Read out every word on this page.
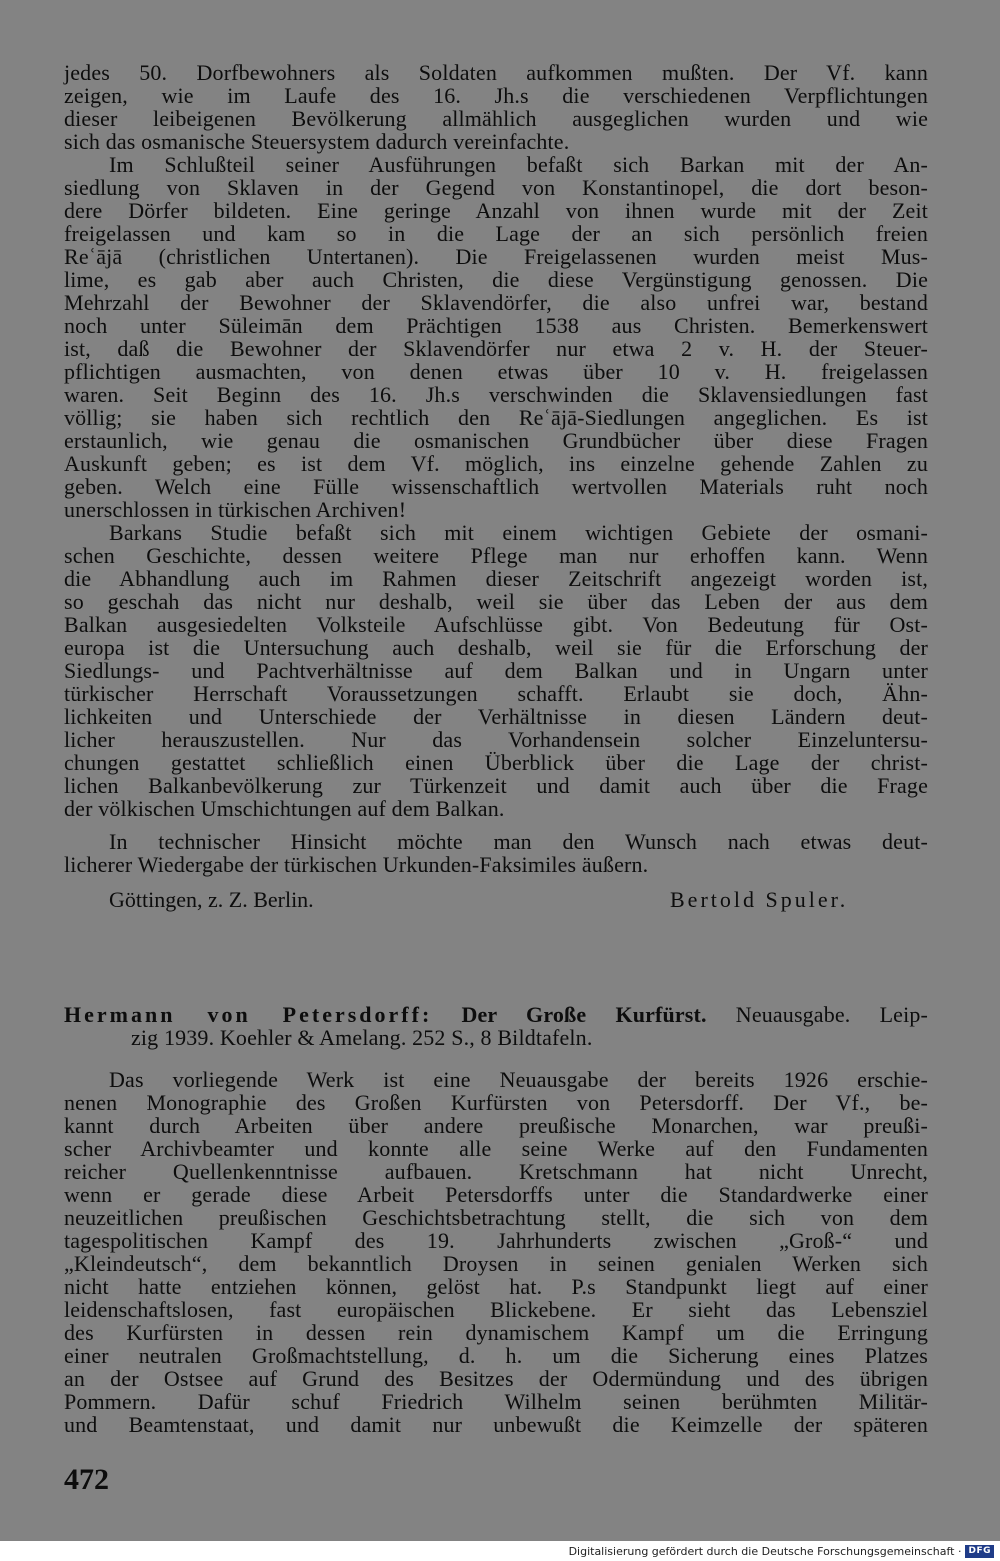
jedes 50. Dorfbewohners als Soldaten aufkommen mußten. Der Vf. kann
zeigen, wie im Laufe des 16. Jh.s die verschiedenen Verpflichtungen
dieser leibeigenen Bevölkerung allmählich ausgeglichen wurden und wie
sich das osmanische Steuersystem dadurch vereinfachte.
Im Schlußteil seiner Ausführungen befaßt sich Barkan mit der An-
siedlung von Sklaven in der Gegend von Konstantinopel, die dort beson-
dere Dörfer bildeten. Eine geringe Anzahl von ihnen wurde mit der Zeit
freigelassen und kam so in die Lage der an sich persönlich freien
Reʿājā (christlichen Untertanen). Die Freigelassenen wurden meist Mus-
lime, es gab aber auch Christen, die diese Vergünstigung genossen. Die
Mehrzahl der Bewohner der Sklavendörfer, die also unfrei war, bestand
noch unter Süleimān dem Prächtigen 1538 aus Christen. Bemerkenswert
ist, daß die Bewohner der Sklavendörfer nur etwa 2 v. H. der Steuer-
pflichtigen ausmachten, von denen etwas über 10 v. H. freigelassen
waren. Seit Beginn des 16. Jh.s verschwinden die Sklavensiedlungen fast
völlig; sie haben sich rechtlich den Reʿājā-Siedlungen angeglichen. Es ist
erstaunlich, wie genau die osmanischen Grundbücher über diese Fragen
Auskunft geben; es ist dem Vf. möglich, ins einzelne gehende Zahlen zu
geben. Welch eine Fülle wissenschaftlich wertvollen Materials ruht noch
unerschlossen in türkischen Archiven!
Barkans Studie befaßt sich mit einem wichtigen Gebiete der osmani-
schen Geschichte, dessen weitere Pflege man nur erhoffen kann. Wenn
die Abhandlung auch im Rahmen dieser Zeitschrift angezeigt worden ist,
so geschah das nicht nur deshalb, weil sie über das Leben der aus dem
Balkan ausgesiedelten Volksteile Aufschlüsse gibt. Von Bedeutung für Ost-
europa ist die Untersuchung auch deshalb, weil sie für die Erforschung der
Siedlungs- und Pachtverhältnisse auf dem Balkan und in Ungarn unter
türkischer Herrschaft Voraussetzungen schafft. Erlaubt sie doch, Ähn-
lichkeiten und Unterschiede der Verhältnisse in diesen Ländern deut-
licher herauszustellen. Nur das Vorhandensein solcher Einzeluntersu-
chungen gestattet schließlich einen Überblick über die Lage der christ-
lichen Balkanbevölkerung zur Türkenzeit und damit auch über die Frage
der völkischen Umschichtungen auf dem Balkan.
In technischer Hinsicht möchte man den Wunsch nach etwas deut-
licherer Wiedergabe der türkischen Urkunden-Faksimiles äußern.
Göttingen, z. Z. Berlin.	Bertold Spuler.
Hermann von Petersdorff: Der Große Kurfürst. Neuausgabe. Leip-
zig 1939. Koehler & Amelang. 252 S., 8 Bildtafeln.
Das vorliegende Werk ist eine Neuausgabe der bereits 1926 erschie-
nenen Monographie des Großen Kurfürsten von Petersdorff. Der Vf., be-
kannt durch Arbeiten über andere preußische Monarchen, war preußi-
scher Archivbeamter und konnte alle seine Werke auf den Fundamenten
reicher Quellenkenntnisse aufbauen. Kretschmann hat nicht Unrecht,
wenn er gerade diese Arbeit Petersdorffs unter die Standardwerke einer
neuzeitlichen preußischen Geschichtsbetrachtung stellt, die sich von dem
tagespolitischen Kampf des 19. Jahrhunderts zwischen „Groß-“ und
„Kleindeutsch“, dem bekanntlich Droysen in seinen genialen Werken sich
nicht hatte entziehen können, gelöst hat. P.s Standpunkt liegt auf einer
leidenschaftslosen, fast europäischen Blickebene. Er sieht das Lebensziel
des Kurfürsten in dessen rein dynamischem Kampf um die Erringung
einer neutralen Großmachtstellung, d. h. um die Sicherung eines Platzes
an der Ostsee auf Grund des Besitzes der Odermündung und des übrigen
Pommern. Dafür schuf Friedrich Wilhelm seinen berühmten Militär-
und Beamtenstaat, und damit nur unbewußt die Keimzelle der späteren
472
Digitalisierung gefördert durch die Deutsche Forschungsgemeinschaft · DFG
